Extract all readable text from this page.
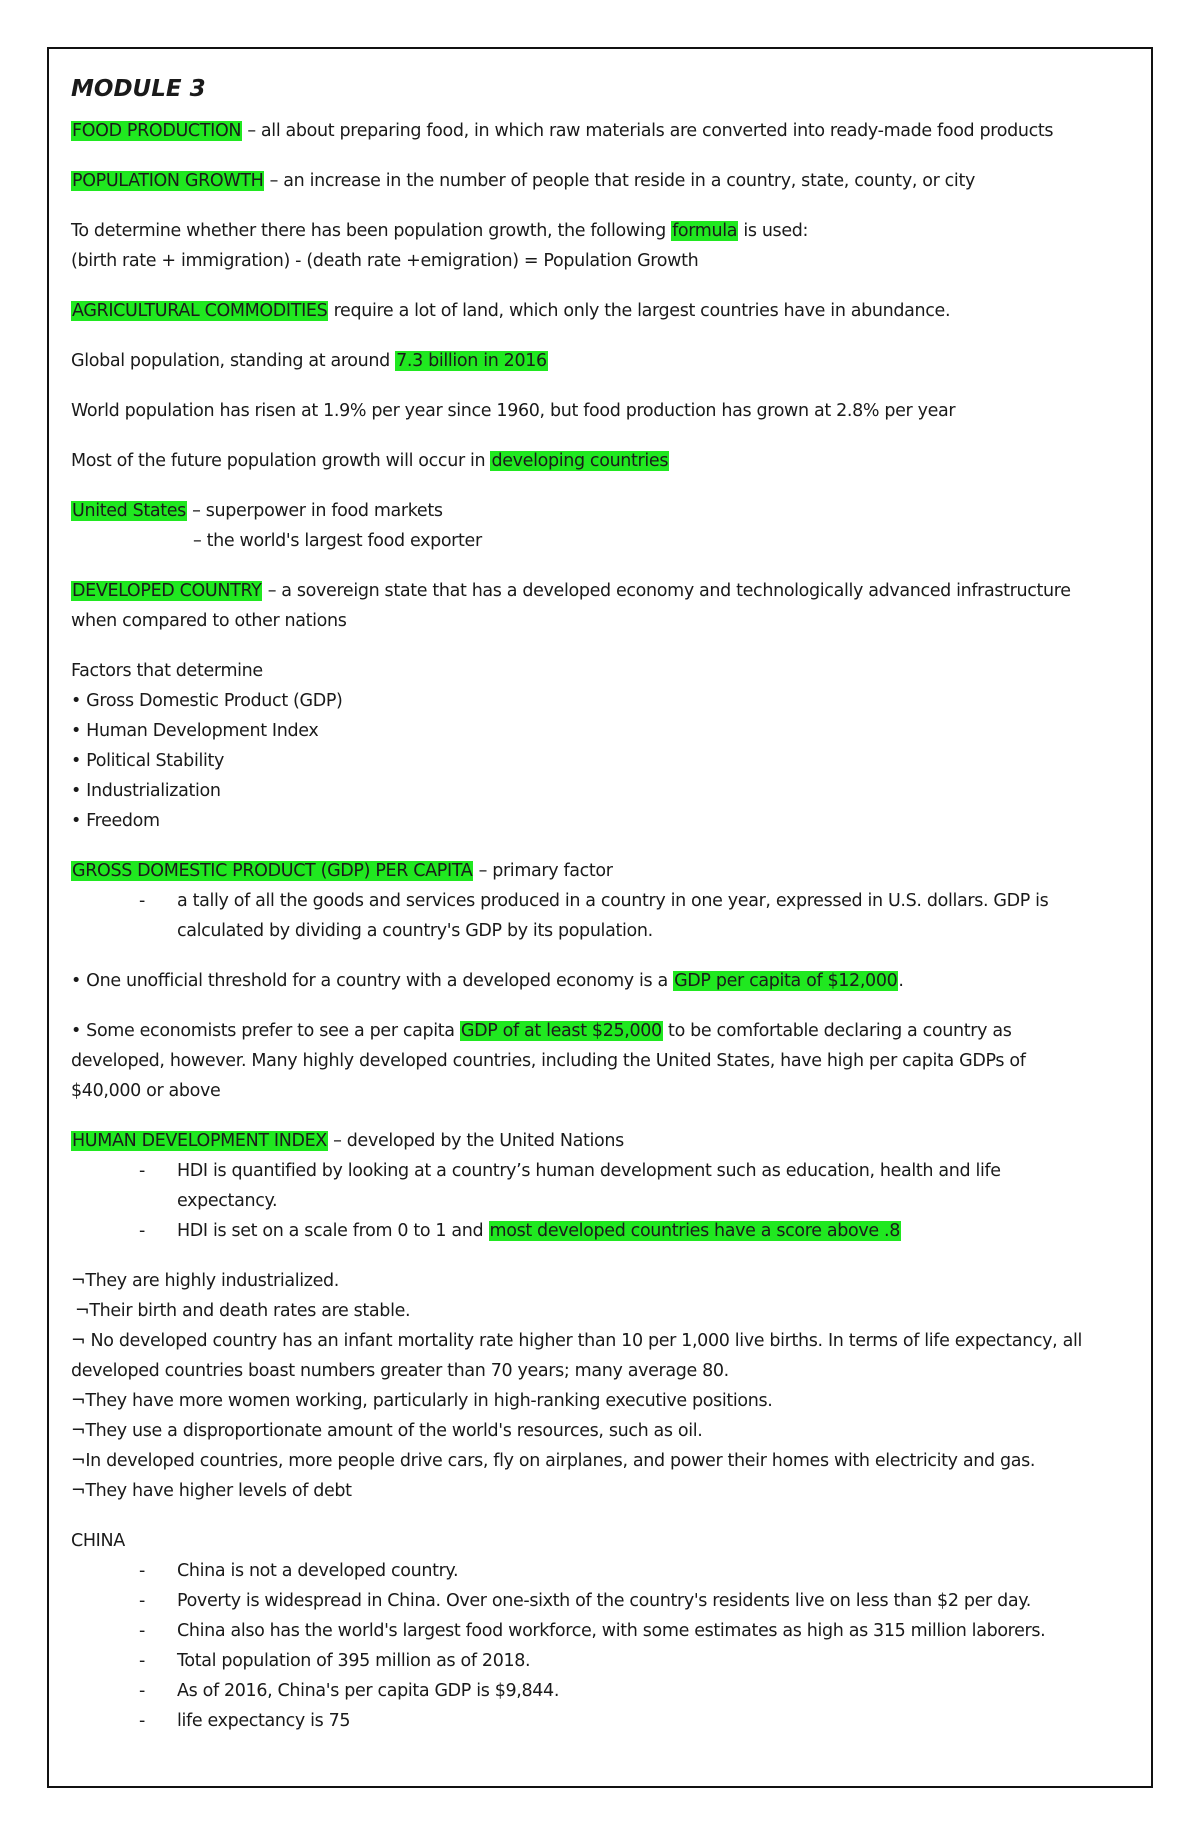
MODULE 3

FOOD PRODUCTION – all about preparing food, in which raw materials are converted into ready-made food products

POPULATION GROWTH – an increase in the number of people that reside in a country, state, county, or city

To determine whether there has been population growth, the following formula is used:
(birth rate + immigration) - (death rate +emigration) = Population Growth

AGRICULTURAL COMMODITIES require a lot of land, which only the largest countries have in abundance.

Global population, standing at around 7.3 billion in 2016

World population has risen at 1.9% per year since 1960, but food production has grown at 2.8% per year

Most of the future population growth will occur in developing countries

United States – superpower in food markets
– the world's largest food exporter

DEVELOPED COUNTRY – a sovereign state that has a developed economy and technologically advanced infrastructure
when compared to other nations

Factors that determine
• Gross Domestic Product (GDP)
• Human Development Index
• Political Stability
• Industrialization
• Freedom

GROSS DOMESTIC PRODUCT (GDP) PER CAPITA – primary factor
- a tally of all the goods and services produced in a country in one year, expressed in U.S. dollars. GDP is
calculated by dividing a country's GDP by its population.

• One unofficial threshold for a country with a developed economy is a GDP per capita of $12,000.

• Some economists prefer to see a per capita GDP of at least $25,000 to be comfortable declaring a country as
developed, however. Many highly developed countries, including the United States, have high per capita GDPs of
$40,000 or above

HUMAN DEVELOPMENT INDEX – developed by the United Nations
- HDI is quantified by looking at a country’s human development such as education, health and life
expectancy.
- HDI is set on a scale from 0 to 1 and most developed countries have a score above .8
¬They are highly industrialized.
¬Their birth and death rates are stable.
¬ No developed country has an infant mortality rate higher than 10 per 1,000 live births. In terms of life expectancy, all
developed countries boast numbers greater than 70 years; many average 80.
¬They have more women working, particularly in high-ranking executive positions.
¬They use a disproportionate amount of the world's resources, such as oil.
¬In developed countries, more people drive cars, fly on airplanes, and power their homes with electricity and gas.
¬They have higher levels of debt
CHINA
- China is not a developed country.
- Poverty is widespread in China. Over one-sixth of the country's residents live on less than $2 per day.
- China also has the world's largest food workforce, with some estimates as high as 315 million laborers.
- Total population of 395 million as of 2018.
- As of 2016, China's per capita GDP is $9,844.
- life expectancy is 75
